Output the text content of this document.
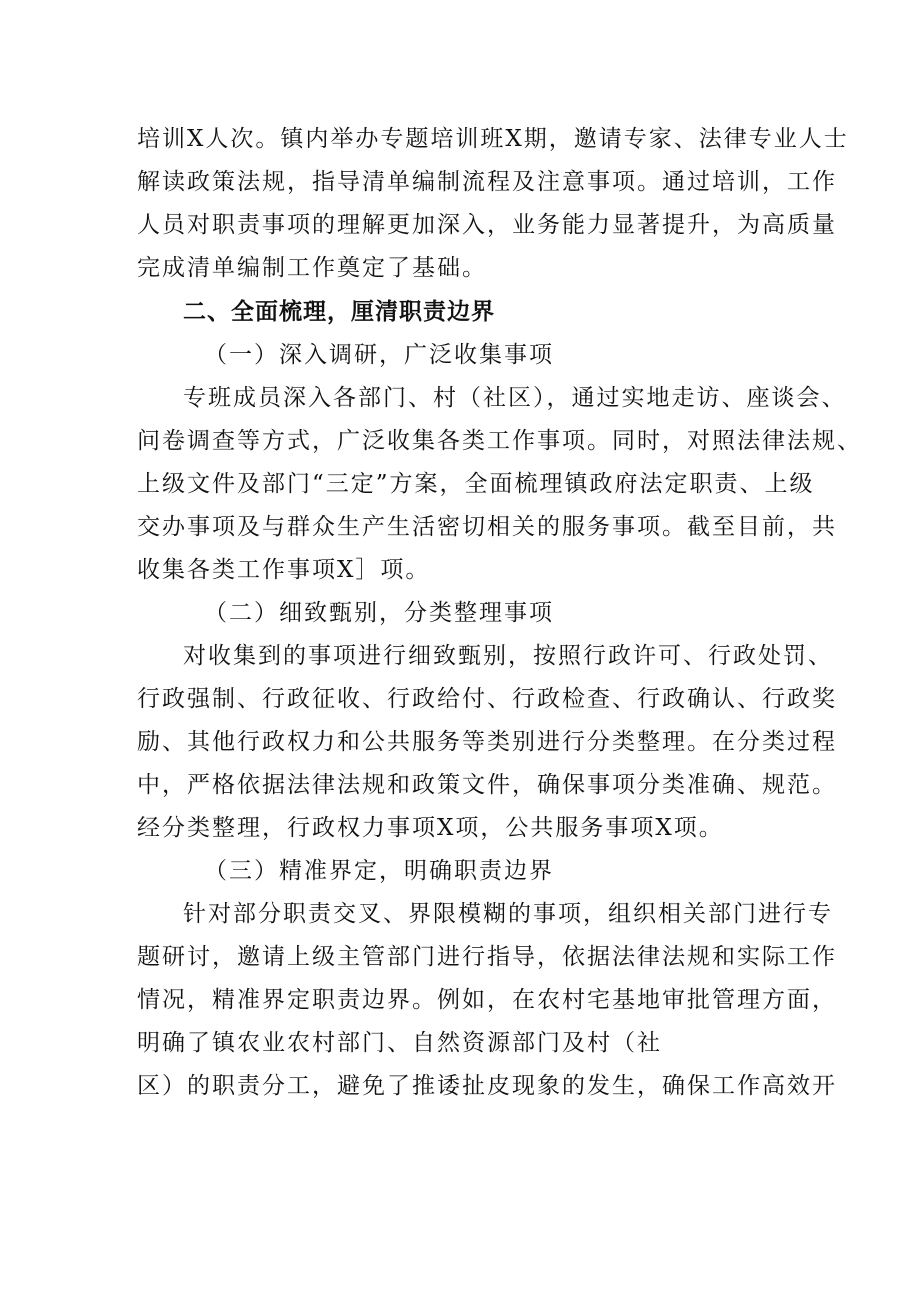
培训X人次。镇内举办专题培训班X期，邀请专家、法律专业人士
解读政策法规，指导清单编制流程及注意事项。通过培训，工作
人员对职责事项的理解更加深入，业务能力显著提升，为高质量
完成清单编制工作奠定了基础。
二、全面梳理，厘清职责边界
（一）深入调研，广泛收集事项
专班成员深入各部门、村（社区），通过实地走访、座谈会、
问卷调查等方式，广泛收集各类工作事项。同时，对照法律法规、
上级文件及部门“三定”方案，全面梳理镇政府法定职责、上级
交办事项及与群众生产生活密切相关的服务事项。截至目前，共
收集各类工作事项X］项。
（二）细致甄别，分类整理事项
对收集到的事项进行细致甄别，按照行政许可、行政处罚、
行政强制、行政征收、行政给付、行政检查、行政确认、行政奖
励、其他行政权力和公共服务等类别进行分类整理。在分类过程
中，严格依据法律法规和政策文件，确保事项分类准确、规范。
经分类整理，行政权力事项X项，公共服务事项X项。
（三）精准界定，明确职责边界
针对部分职责交叉、界限模糊的事项，组织相关部门进行专
题研讨，邀请上级主管部门进行指导，依据法律法规和实际工作
情况，精准界定职责边界。例如，在农村宅基地审批管理方面，
明确了镇农业农村部门、自然资源部门及村（社
区）的职责分工，避免了推诿扯皮现象的发生，确保工作高效开
